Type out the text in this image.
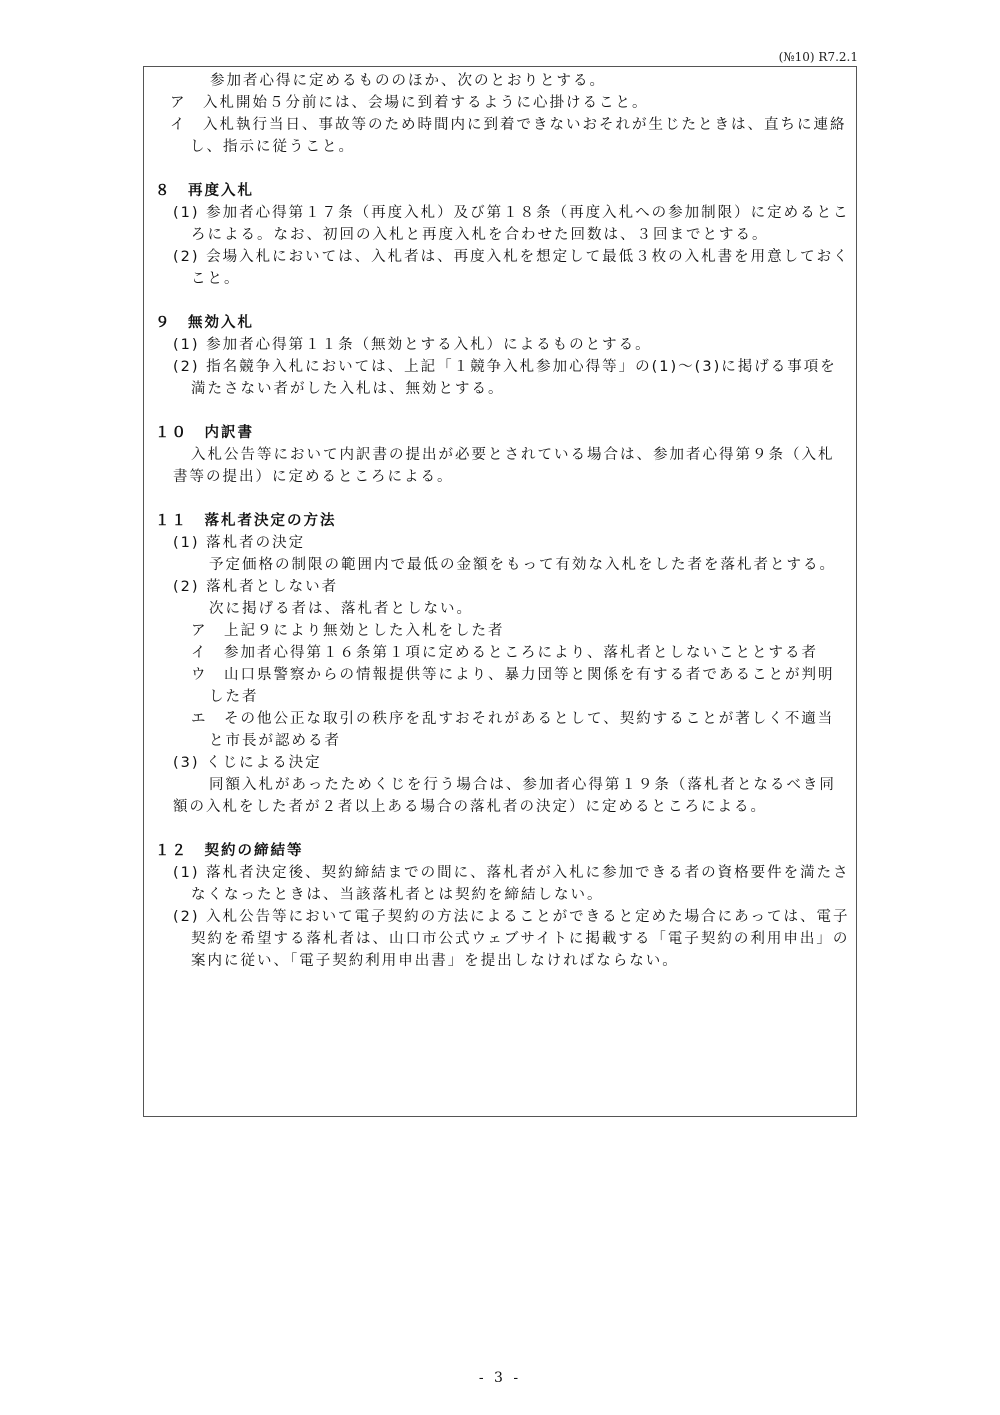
(№10) R7.2.1

参加者心得に定めるもののほか、次のとおりとする。

ア　入札開始５分前には、会場に到着するように心掛けること。

イ　入札執行当日、事故等のため時間内に到着できないおそれが生じたときは、直ちに連絡し、指示に従うこと。

８　再度入札

(1) 参加者心得第１７条（再度入札）及び第１８条（再度入札への参加制限）に定めるところによる。なお、初回の入札と再度入札を合わせた回数は、３回までとする。

(2) 会場入札においては、入札者は、再度入札を想定して最低３枚の入札書を用意しておくこと。

９　無効入札

(1) 参加者心得第１１条（無効とする入札）によるものとする。

(2) 指名競争入札においては、上記「１競争入札参加心得等」の(1)～(3)に掲げる事項を満たさない者がした入札は、無効とする。

１０　内訳書

入札公告等において内訳書の提出が必要とされている場合は、参加者心得第９条（入札書等の提出）に定めるところによる。

１１　落札者決定の方法

(1) 落札者の決定

予定価格の制限の範囲内で最低の金額をもって有効な入札をした者を落札者とする。

(2) 落札者としない者

次に掲げる者は、落札者としない。

ア　上記９により無効とした入札をした者

イ　参加者心得第１６条第１項に定めるところにより、落札者としないこととする者

ウ　山口県警察からの情報提供等により、暴力団等と関係を有する者であることが判明した者

エ　その他公正な取引の秩序を乱すおそれがあるとして、契約することが著しく不適当と市長が認める者

(3) くじによる決定

同額入札があったためくじを行う場合は、参加者心得第１９条（落札者となるべき同額の入札をした者が２者以上ある場合の落札者の決定）に定めるところによる。

１２　契約の締結等

(1) 落札者決定後、契約締結までの間に、落札者が入札に参加できる者の資格要件を満たさなくなったときは、当該落札者とは契約を締結しない。

(2) 入札公告等において電子契約の方法によることができると定めた場合にあっては、電子契約を希望する落札者は、山口市公式ウェブサイトに掲載する「電子契約の利用申出」の案内に従い、「電子契約利用申出書」を提出しなければならない。

- 3 -
